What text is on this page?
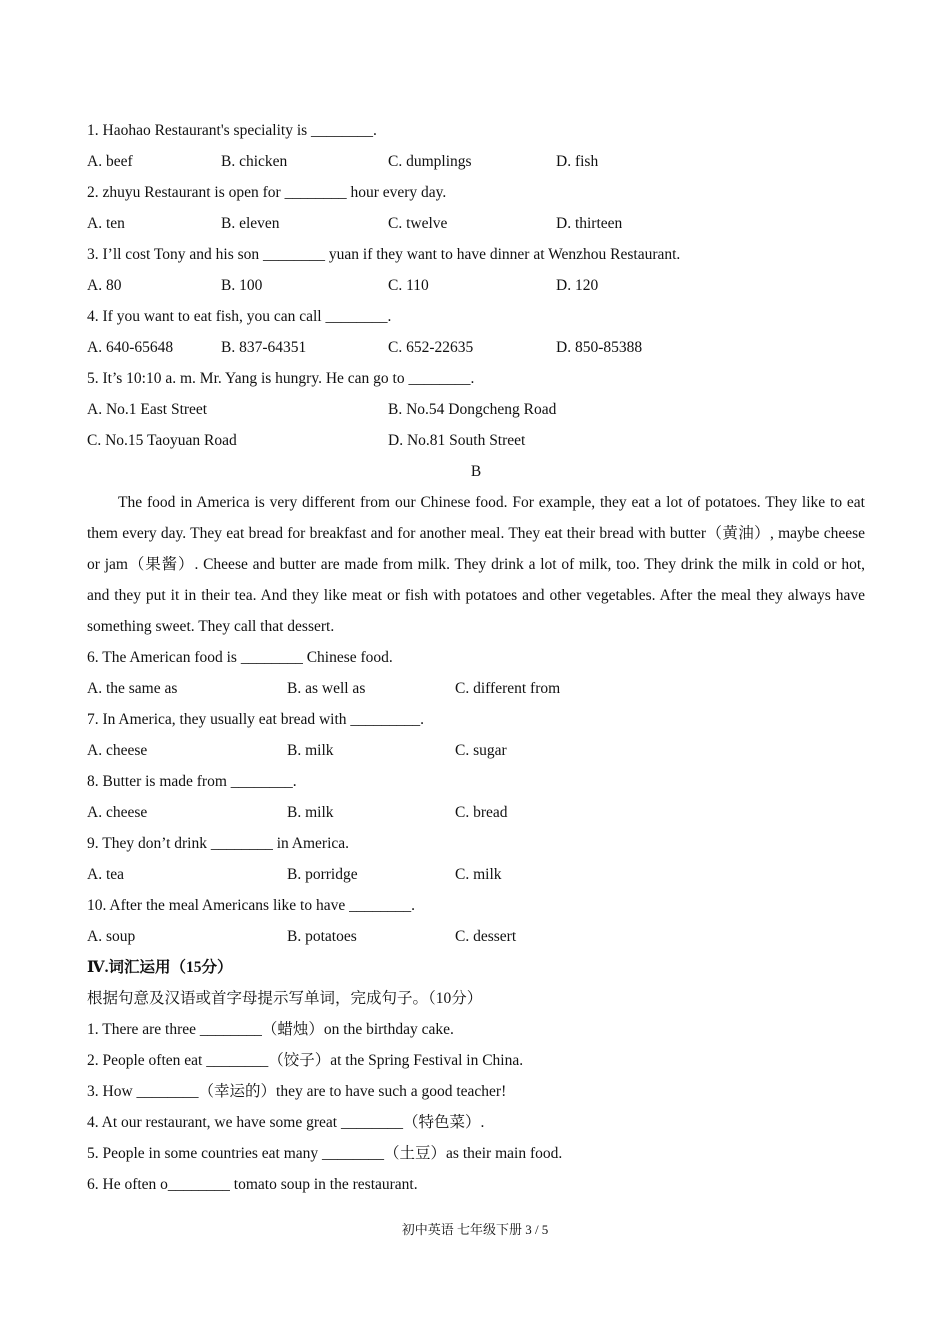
1. Haohao Restaurant's speciality is ________.
A. beef	B. chicken	C. dumplings	D. fish
2. zhuyu Restaurant is open for ________ hour every day.
A. ten	B. eleven	C. twelve	D. thirteen
3. I’ll cost Tony and his son ________ yuan if they want to have dinner at Wenzhou Restaurant.
A. 80	B. 100	C. 110	D. 120
4. If you want to eat fish, you can call ________.
A. 640-65648	B. 837-64351	C. 652-22635	D. 850-85388
5. It’s 10:10 a. m. Mr. Yang is hungry. He can go to ________.
A. No.1 East Street	B. No.54 Dongcheng Road
C. No.15 Taoyuan Road	D. No.81 South Street
B
The food in America is very different from our Chinese food. For example, they eat a lot of potatoes. They like to eat them every day. They eat bread for breakfast and for another meal. They eat their bread with butter（黄油）, maybe cheese or jam（果酱）. Cheese and butter are made from milk. They drink a lot of milk, too. They drink the milk in cold or hot, and they put it in their tea. And they like meat or fish with potatoes and other vegetables. After the meal they always have something sweet. They call that dessert.
6. The American food is ________ Chinese food.
A. the same as	B. as well as	C. different from
7. In America, they usually eat bread with _________.
A. cheese	B. milk	C. sugar
8. Butter is made from ________.
A. cheese	B. milk	C. bread
9. They don’t drink ________ in America.
A. tea	B. porridge	C. milk
10. After the meal Americans like to have ________.
A. soup	B. potatoes	C. dessert
Ⅳ.词汇运用（15分）
根据句意及汉语或首字母提示写单词，完成句子。（10分）
1. There are three ________（蜡烛）on the birthday cake.
2. People often eat ________（饺子）at the Spring Festival in China.
3. How ________（幸运的）they are to have such a good teacher!
4. At our restaurant, we have some great ________（特色菜）.
5. People in some countries eat many ________（土豆）as their main food.
6. He often o________ tomato soup in the restaurant.
初中英语 七年级下册 3 / 5
